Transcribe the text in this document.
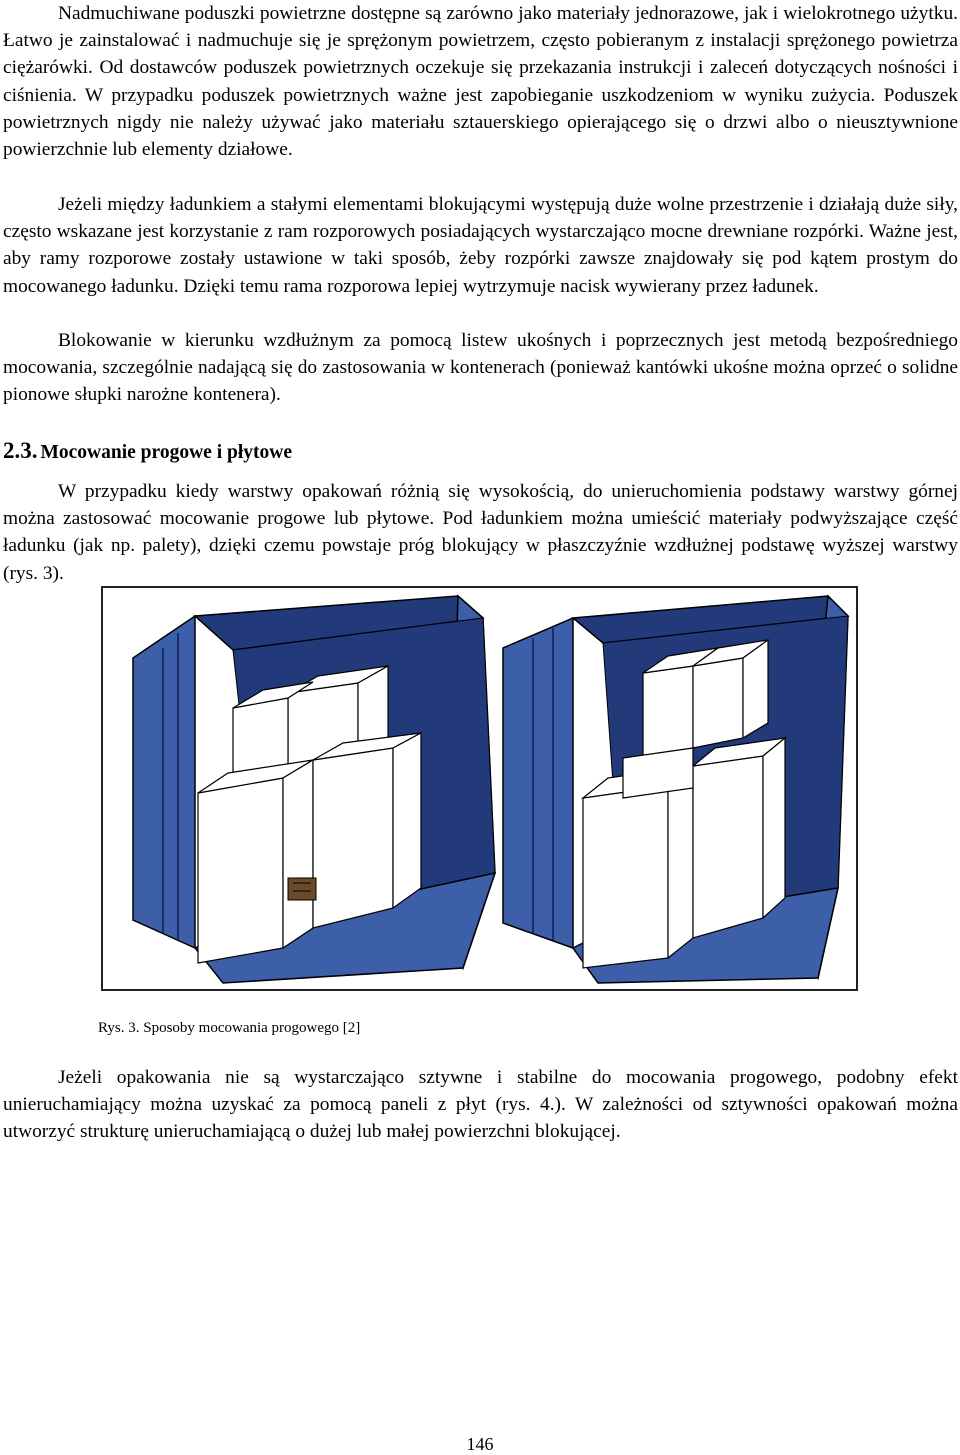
Nadmuchiwane poduszki powietrzne dostępne są zarówno jako materiały jednorazowe, jak i wielokrotnego użytku. Łatwo je zainstalować i nadmuchuje się je sprężonym powietrzem, często pobieranym z instalacji sprężonego powietrza ciężarówki. Od dostawców poduszek powietrznych oczekuje się przekazania instrukcji i zaleceń dotyczących nośności i ciśnienia. W przypadku poduszek powietrznych ważne jest zapobieganie uszkodzeniom w wyniku zużycia. Poduszek powietrznych nigdy nie należy używać jako materiału sztauerskiego opierającego się o drzwi albo o nieusztywnione powierzchnie lub elementy działowe.

Jeżeli między ładunkiem a stałymi elementami blokującymi występują duże wolne przestrzenie i działają duże siły, często wskazane jest korzystanie z ram rozporowych posiadających wystarczająco mocne drewniane rozpórki. Ważne jest, aby ramy rozporowe zostały ustawione w taki sposób, żeby rozpórki zawsze znajdowały się pod kątem prostym do mocowanego ładunku. Dzięki temu rama rozporowa lepiej wytrzymuje nacisk wywierany przez ładunek.

Blokowanie w kierunku wzdłużnym za pomocą listew ukośnych i poprzecznych jest metodą bezpośredniego mocowania, szczególnie nadającą się do zastosowania w kontenerach (ponieważ kantówki ukośne można oprzeć o solidne pionowe słupki narożne kontenera).

2.3. Mocowanie progowe i płytowe

W przypadku kiedy warstwy opakowań różnią się wysokością, do unieruchomienia podstawy warstwy górnej można zastosować mocowanie progowe lub płytowe. Pod ładunkiem można umieścić materiały podwyższające część ładunku (jak np. palety), dzięki czemu powstaje próg blokujący w płaszczyźnie wzdłużnej podstawę wyższej warstwy (rys. 3).

Rys. 3. Sposoby mocowania progowego [2]

Jeżeli opakowania nie są wystarczająco sztywne i stabilne do mocowania progowego, podobny efekt unieruchamiający można uzyskać za pomocą paneli z płyt (rys. 4.). W zależności od sztywności opakowań można utworzyć strukturę unieruchamiającą o dużej lub małej powierzchni blokującej.

146
